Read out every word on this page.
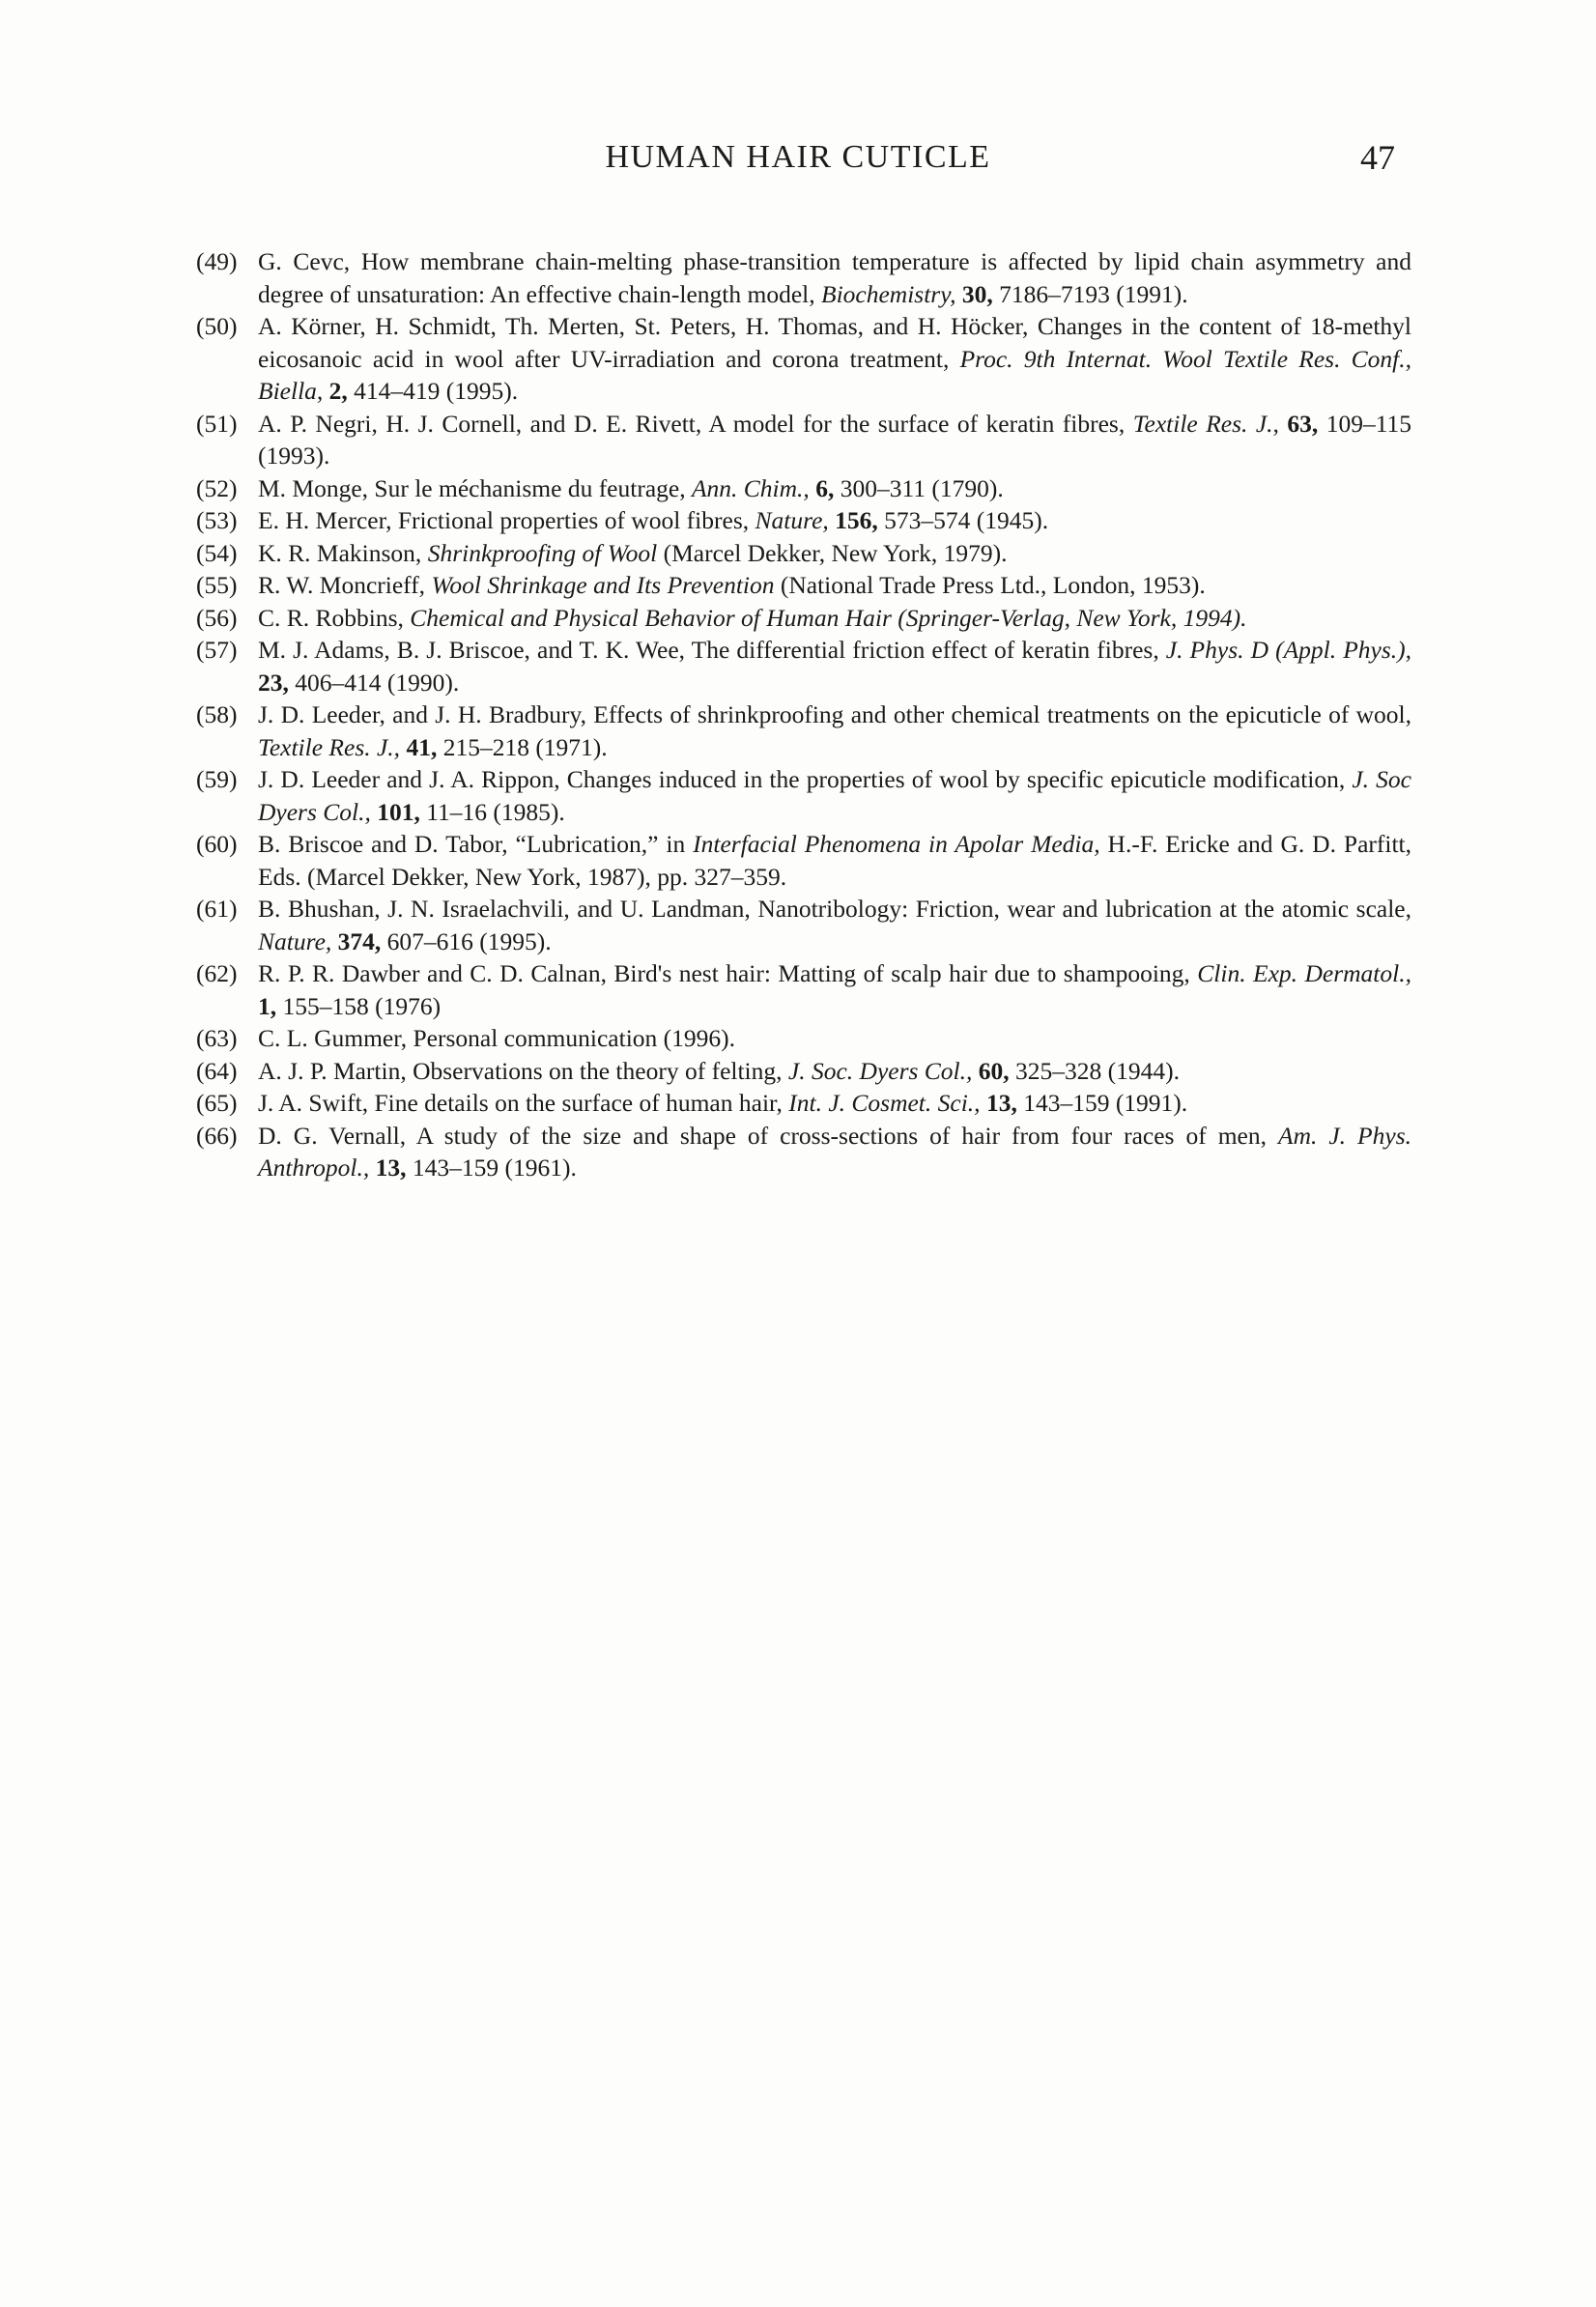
HUMAN HAIR CUTICLE	47
(49) G. Cevc, How membrane chain-melting phase-transition temperature is affected by lipid chain asymmetry and degree of unsaturation: An effective chain-length model, Biochemistry, 30, 7186–7193 (1991).
(50) A. Körner, H. Schmidt, Th. Merten, St. Peters, H. Thomas, and H. Höcker, Changes in the content of 18-methyl eicosanoic acid in wool after UV-irradiation and corona treatment, Proc. 9th Internat. Wool Textile Res. Conf., Biella, 2, 414–419 (1995).
(51) A. P. Negri, H. J. Cornell, and D. E. Rivett, A model for the surface of keratin fibres, Textile Res. J., 63, 109–115 (1993).
(52) M. Monge, Sur le méchanisme du feutrage, Ann. Chim., 6, 300–311 (1790).
(53) E. H. Mercer, Frictional properties of wool fibres, Nature, 156, 573–574 (1945).
(54) K. R. Makinson, Shrinkproofing of Wool (Marcel Dekker, New York, 1979).
(55) R. W. Moncrieff, Wool Shrinkage and Its Prevention (National Trade Press Ltd., London, 1953).
(56) C. R. Robbins, Chemical and Physical Behavior of Human Hair (Springer-Verlag, New York, 1994).
(57) M. J. Adams, B. J. Briscoe, and T. K. Wee, The differential friction effect of keratin fibres, J. Phys. D (Appl. Phys.), 23, 406–414 (1990).
(58) J. D. Leeder, and J. H. Bradbury, Effects of shrinkproofing and other chemical treatments on the epicuticle of wool, Textile Res. J., 41, 215–218 (1971).
(59) J. D. Leeder and J. A. Rippon, Changes induced in the properties of wool by specific epicuticle modification, J. Soc Dyers Col., 101, 11–16 (1985).
(60) B. Briscoe and D. Tabor, “Lubrication,” in Interfacial Phenomena in Apolar Media, H.-F. Ericke and G. D. Parfitt, Eds. (Marcel Dekker, New York, 1987), pp. 327–359.
(61) B. Bhushan, J. N. Israelachvili, and U. Landman, Nanotribology: Friction, wear and lubrication at the atomic scale, Nature, 374, 607–616 (1995).
(62) R. P. R. Dawber and C. D. Calnan, Bird's nest hair: Matting of scalp hair due to shampooing, Clin. Exp. Dermatol., 1, 155–158 (1976)
(63) C. L. Gummer, Personal communication (1996).
(64) A. J. P. Martin, Observations on the theory of felting, J. Soc. Dyers Col., 60, 325–328 (1944).
(65) J. A. Swift, Fine details on the surface of human hair, Int. J. Cosmet. Sci., 13, 143–159 (1991).
(66) D. G. Vernall, A study of the size and shape of cross-sections of hair from four races of men, Am. J. Phys. Anthropol., 13, 143–159 (1961).
